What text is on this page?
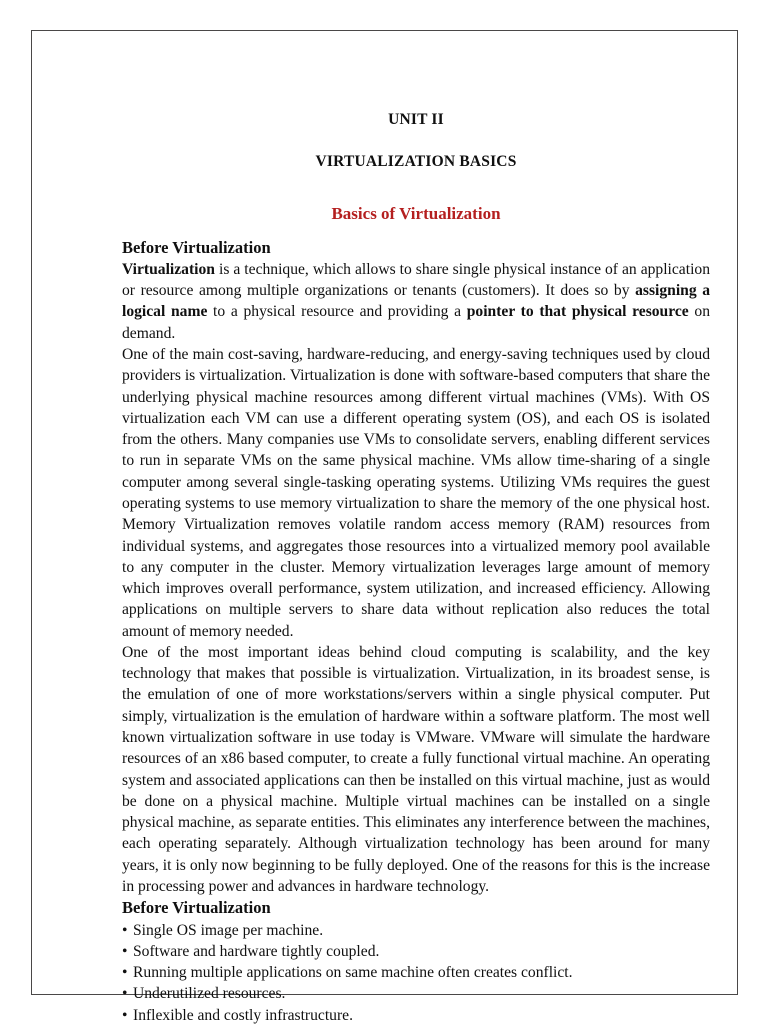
UNIT II
VIRTUALIZATION BASICS
Basics of Virtualization
Before Virtualization

Virtualization is a technique, which allows to share single physical instance of an application or resource among multiple organizations or tenants (customers). It does so by assigning a logical name to a physical resource and providing a pointer to that physical resource on demand.

One of the main cost-saving, hardware-reducing, and energy-saving techniques used by cloud providers is virtualization. Virtualization is done with software-based computers that share the underlying physical machine resources among different virtual machines (VMs). With OS virtualization each VM can use a different operating system (OS), and each OS is isolated from the others. Many companies use VMs to consolidate servers, enabling different services to run in separate VMs on the same physical machine. VMs allow time-sharing of a single computer among several single-tasking operating systems. Utilizing VMs requires the guest operating systems to use memory virtualization to share the memory of the one physical host. Memory Virtualization removes volatile random access memory (RAM) resources from individual systems, and aggregates those resources into a virtualized memory pool available to any computer in the cluster. Memory virtualization leverages large amount of memory which improves overall performance, system utilization, and increased efficiency. Allowing applications on multiple servers to share data without replication also reduces the total amount of memory needed.

One of the most important ideas behind cloud computing is scalability, and the key technology that makes that possible is virtualization. Virtualization, in its broadest sense, is the emulation of one of more workstations/servers within a single physical computer. Put simply, virtualization is the emulation of hardware within a software platform. The most well known virtualization software in use today is VMware. VMware will simulate the hardware resources of an x86 based computer, to create a fully functional virtual machine. An operating system and associated applications can then be installed on this virtual machine, just as would be done on a physical machine. Multiple virtual machines can be installed on a single physical machine, as separate entities. This eliminates any interference between the machines, each operating separately. Although virtualization technology has been around for many years, it is only now beginning to be fully deployed. One of the reasons for this is the increase in processing power and advances in hardware technology.

Before Virtualization
• Single OS image per machine.
• Software and hardware tightly coupled.
• Running multiple applications on same machine often creates conflict.
• Underutilized resources.
• Inflexible and costly infrastructure.
